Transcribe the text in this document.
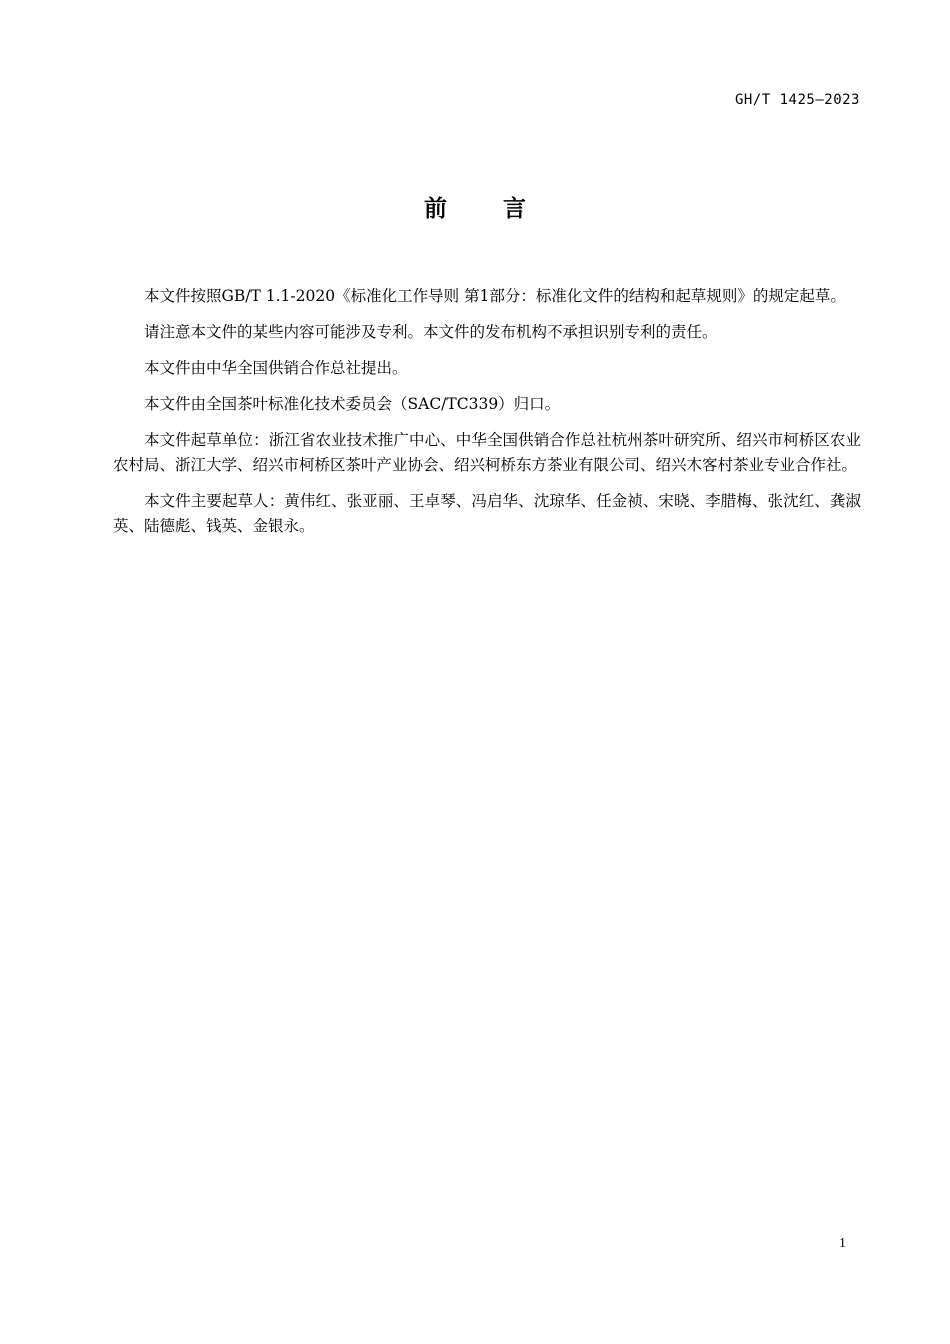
GH/T 1425—2023
前 言

本文件按照GB/T 1.1-2020《标准化工作导则 第1部分：标准化文件的结构和起草规则》的规定起草。

请注意本文件的某些内容可能涉及专利。本文件的发布机构不承担识别专利的责任。

本文件由中华全国供销合作总社提出。

本文件由全国茶叶标准化技术委员会（SAC/TC339）归口。

本文件起草单位：浙江省农业技术推广中心、中华全国供销合作总社杭州茶叶研究所、绍兴市柯桥区农业农村局、浙江大学、绍兴市柯桥区茶叶产业协会、绍兴柯桥东方茶业有限公司、绍兴木客村茶业专业合作社。

本文件主要起草人：黄伟红、张亚丽、王卓琴、冯启华、沈琼华、任金祯、宋晓、李腊梅、张沈红、龚淑英、陆德彪、钱英、金银永。

1
